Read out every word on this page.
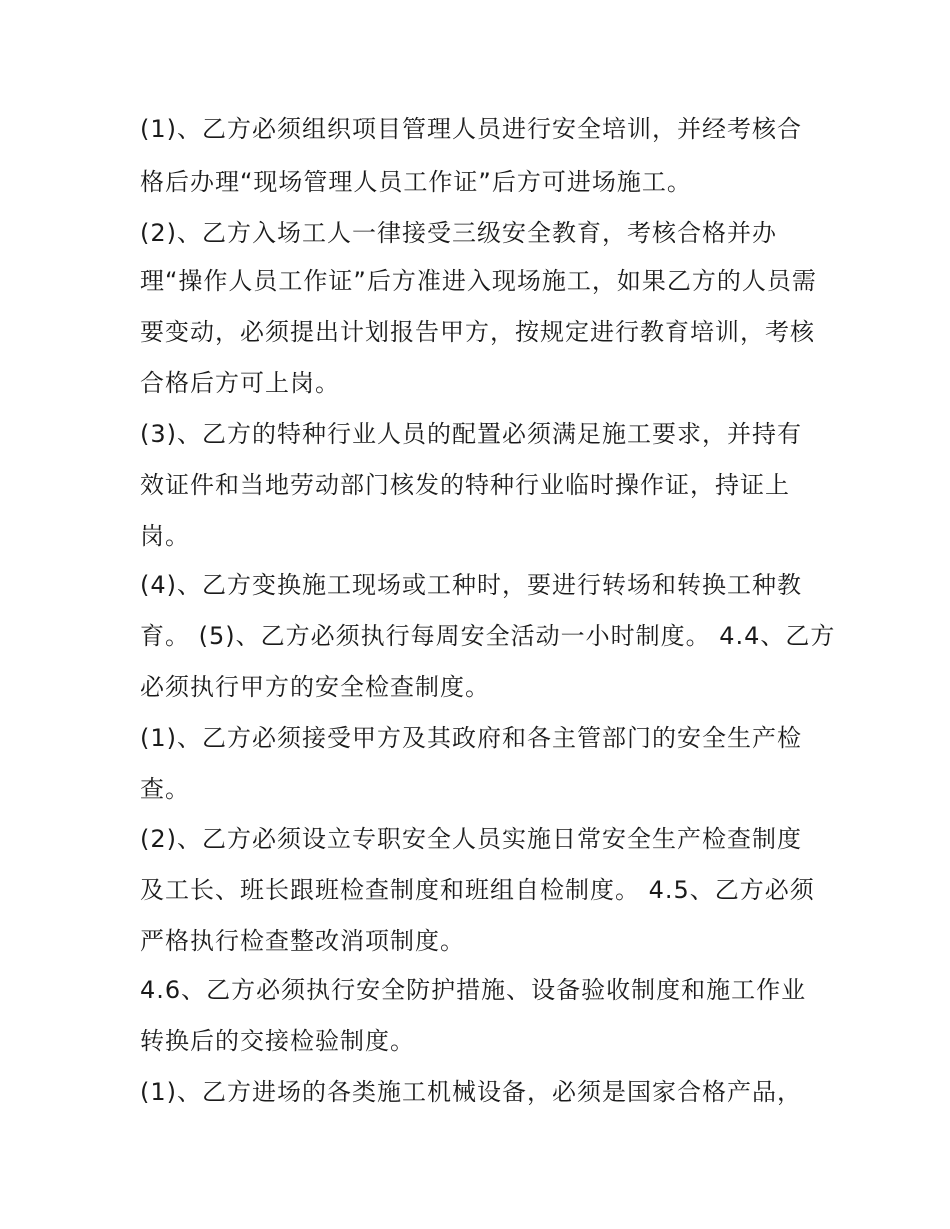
(1)、乙方必须组织项目管理人员进行安全培训，并经考核合
格后办理“现场管理人员工作证”后方可进场施工。
(2)、乙方入场工人一律接受三级安全教育，考核合格并办
理“操作人员工作证”后方准进入现场施工，如果乙方的人员需
要变动，必须提出计划报告甲方，按规定进行教育培训，考核
合格后方可上岗。
(3)、乙方的特种行业人员的配置必须满足施工要求，并持有
效证件和当地劳动部门核发的特种行业临时操作证，持证上
岗。
(4)、乙方变换施工现场或工种时，要进行转场和转换工种教
育。 (5)、乙方必须执行每周安全活动一小时制度。 4.4、乙方
必须执行甲方的安全检查制度。
(1)、乙方必须接受甲方及其政府和各主管部门的安全生产检
查。
(2)、乙方必须设立专职安全人员实施日常安全生产检查制度
及工长、班长跟班检查制度和班组自检制度。 4.5、乙方必须
严格执行检查整改消项制度。
4.6、乙方必须执行安全防护措施、设备验收制度和施工作业
转换后的交接检验制度。
(1)、乙方进场的各类施工机械设备，必须是国家合格产品，
